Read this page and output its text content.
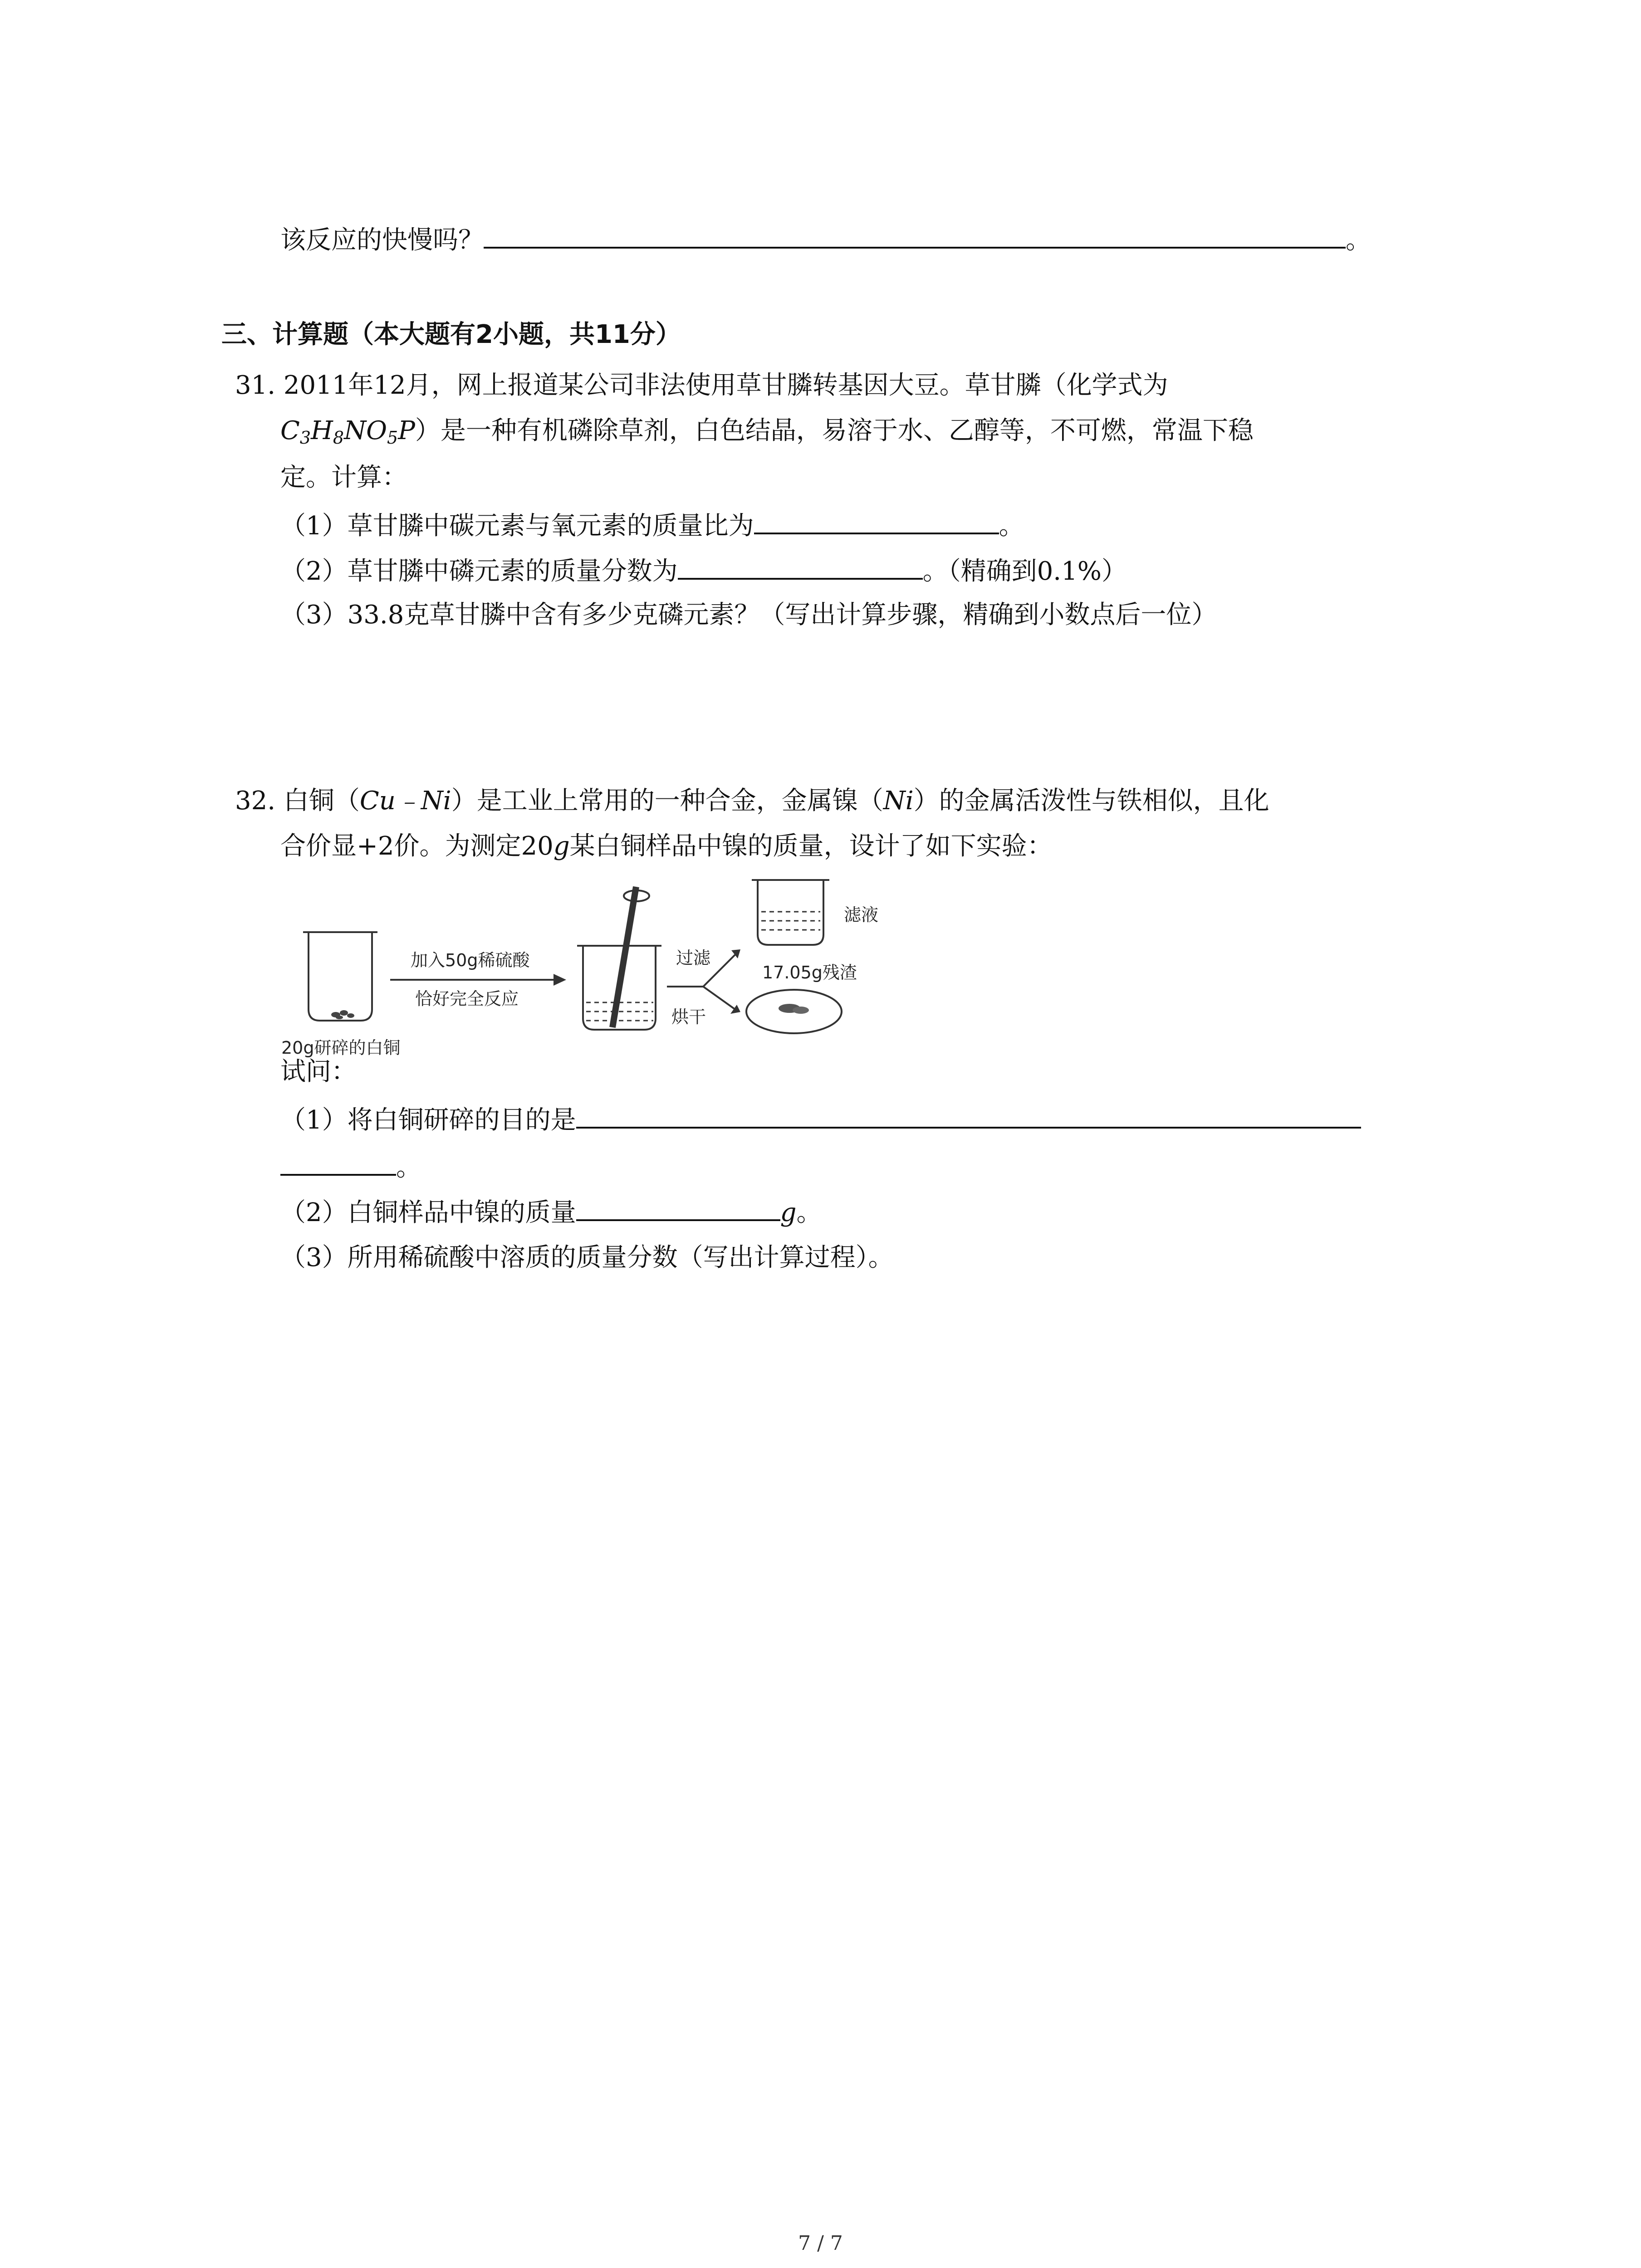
该反应的快慢吗？	。
三、计算题（本大题有2小题，共11分）
31. 2011年12月，网上报道某公司非法使用草甘膦转基因大豆。草甘膦（化学式为
$C_3H_8NO_5P$）是一种有机磷除草剂，白色结晶，易溶于水、乙醇等，不可燃，常温下稳
定。计算：
（1）草甘膦中碳元素与氧元素的质量比为	。
（2）草甘膦中磷元素的质量分数为	。（精确到0.1%）
（3）33.8克草甘膦中含有多少克磷元素？（写出计算步骤，精确到小数点后一位）
32. 白铜（Cu﹣Ni）是工业上常用的一种合金，金属镍（Ni）的金属活泼性与铁相似，且化
合价显+2价。为测定20g某白铜样品中镍的质量，设计了如下实验：
20g研碎的白铜
加入50g稀硫酸
恰好完全反应
过滤
烘干
滤液
17.05g残渣
试问：
（1）将白铜研碎的目的是
。
（2）白铜样品中镍的质量	g。
（3）所用稀硫酸中溶质的质量分数（写出计算过程）。
7 / 7
